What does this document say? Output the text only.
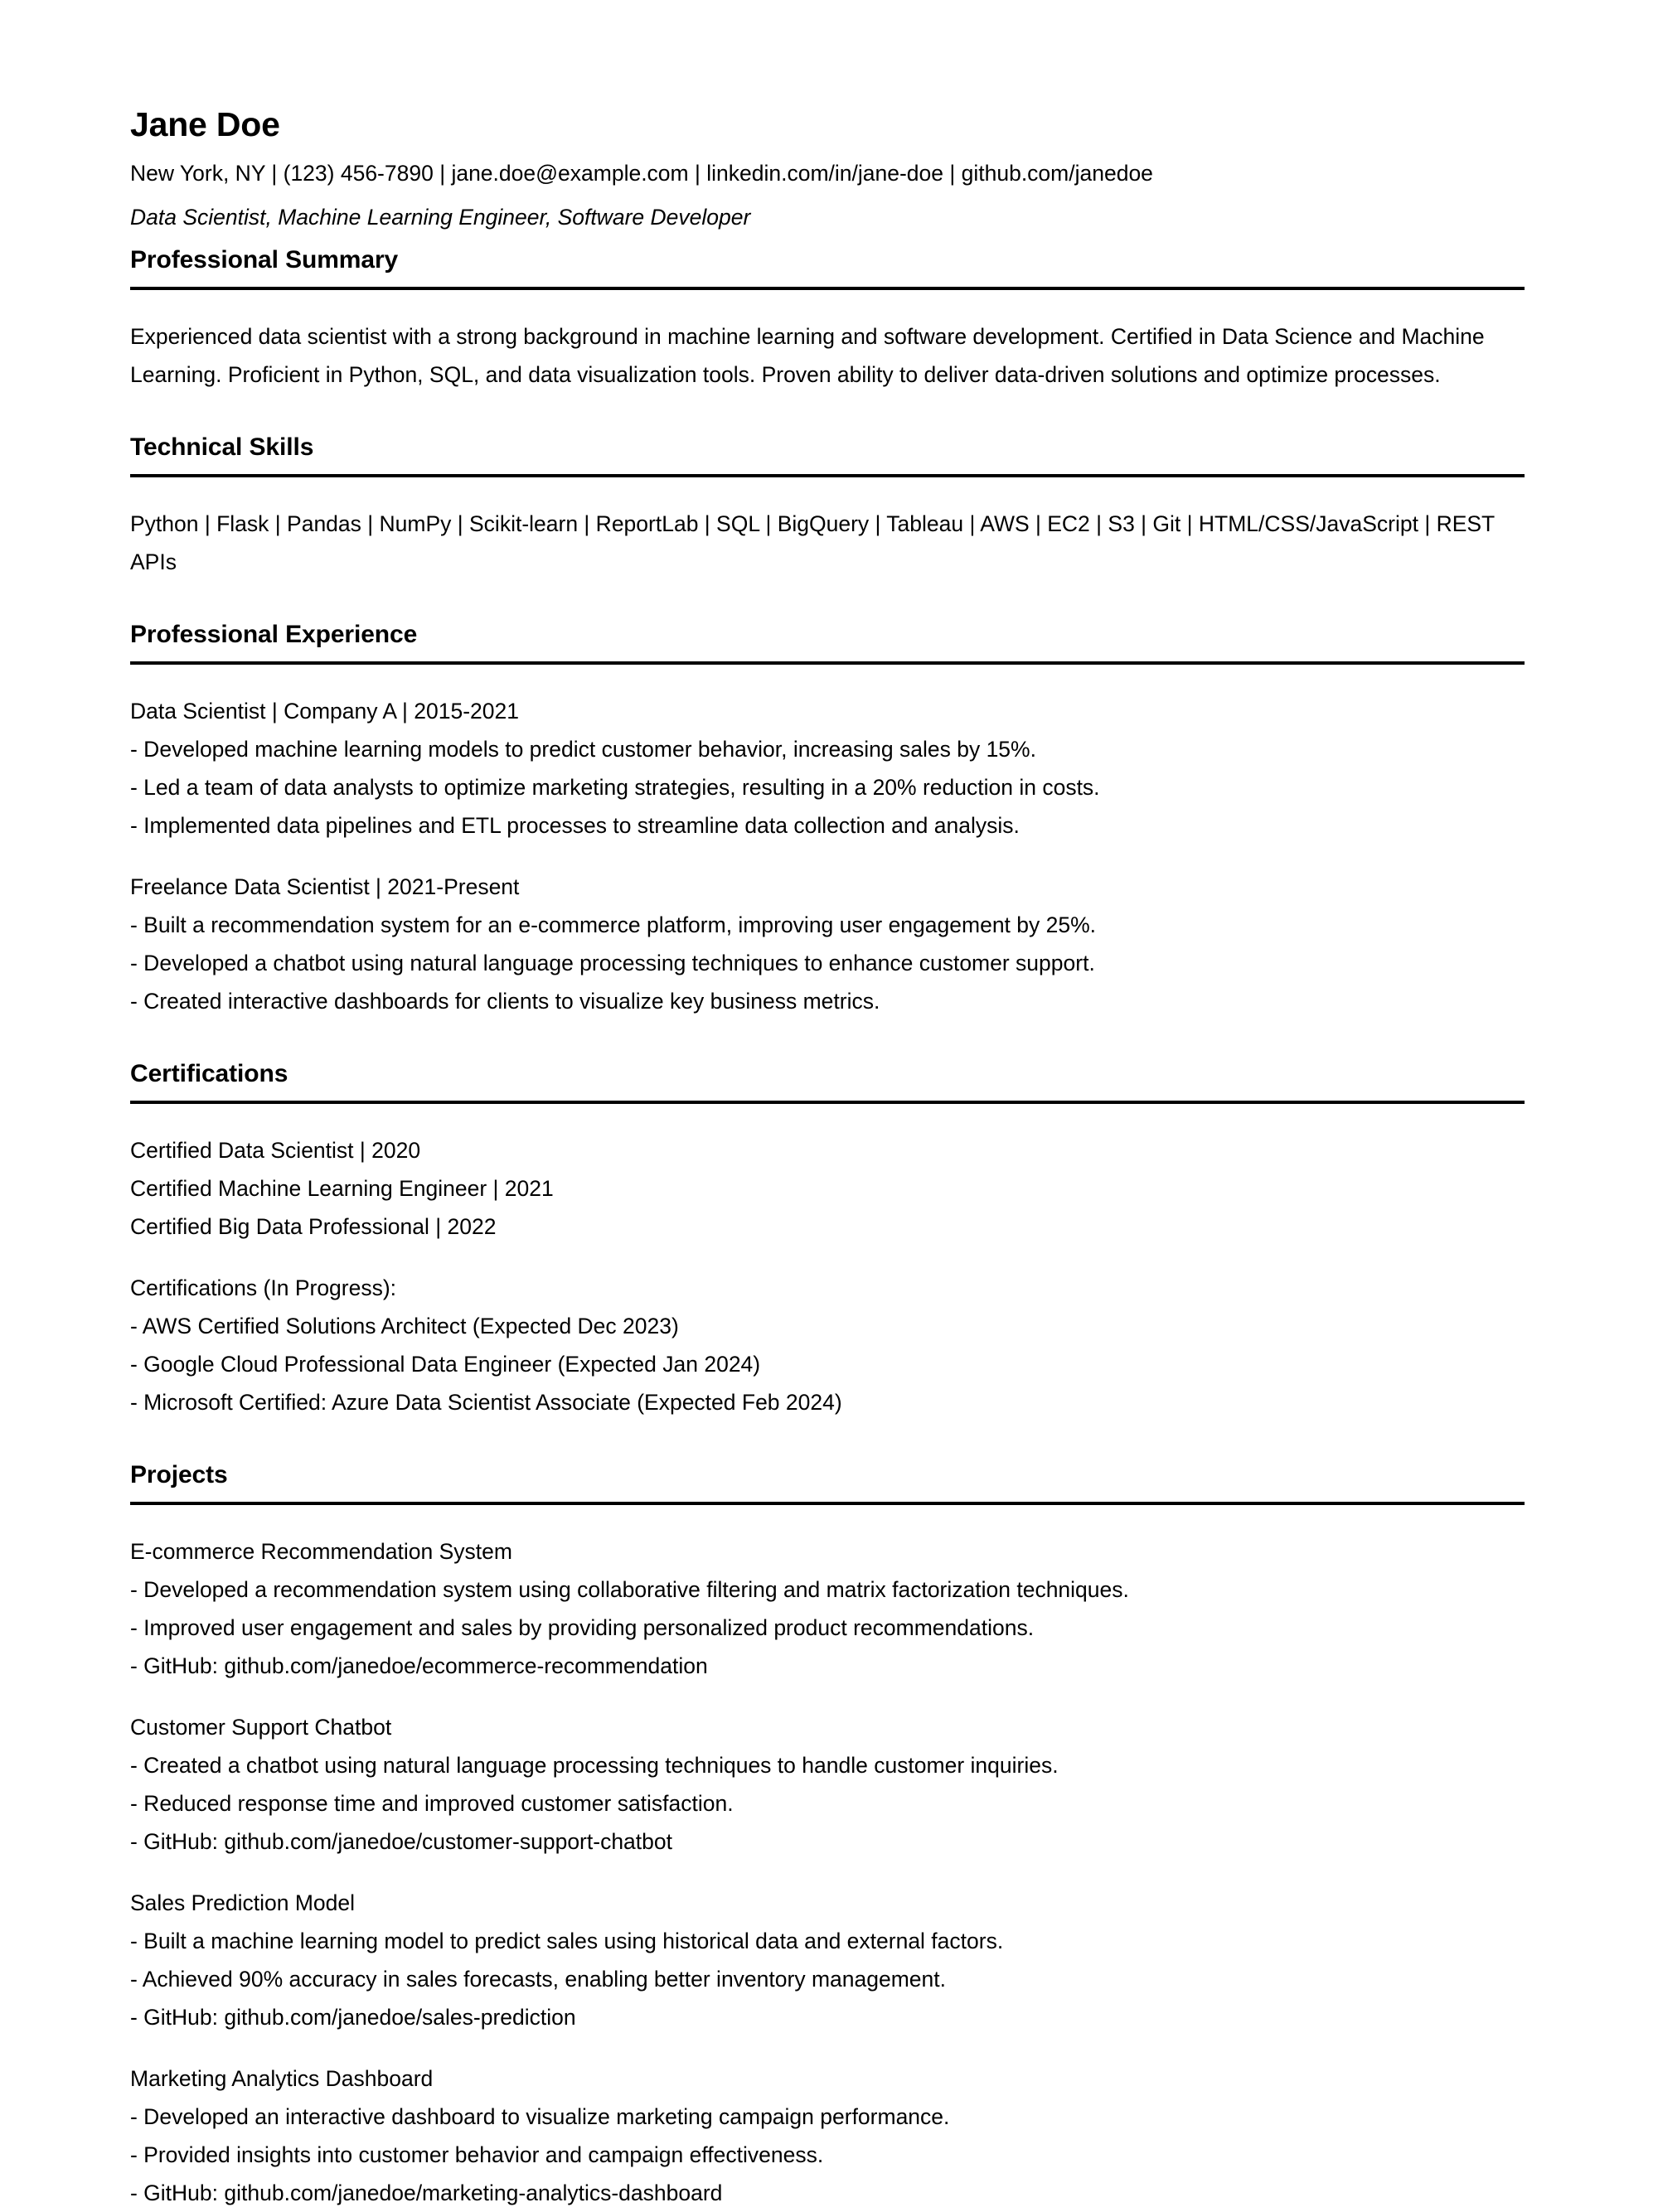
Jane Doe
New York, NY | (123) 456-7890 | jane.doe@example.com | linkedin.com/in/jane-doe | github.com/janedoe
Data Scientist, Machine Learning Engineer, Software Developer
Professional Summary

Experienced data scientist with a strong background in machine learning and software development. Certified in Data Science and Machine Learning. Proficient in Python, SQL, and data visualization tools. Proven ability to deliver data-driven solutions and optimize processes.

Technical Skills

Python | Flask | Pandas | NumPy | Scikit-learn | ReportLab | SQL | BigQuery | Tableau | AWS | EC2 | S3 | Git | HTML/CSS/JavaScript | REST APIs

Professional Experience

Data Scientist | Company A | 2015-2021

- Developed machine learning models to predict customer behavior, increasing sales by 15%.

- Led a team of data analysts to optimize marketing strategies, resulting in a 20% reduction in costs.

- Implemented data pipelines and ETL processes to streamline data collection and analysis.

Freelance Data Scientist | 2021-Present

- Built a recommendation system for an e-commerce platform, improving user engagement by 25%.

- Developed a chatbot using natural language processing techniques to enhance customer support.

- Created interactive dashboards for clients to visualize key business metrics.

Certifications

Certified Data Scientist | 2020

Certified Machine Learning Engineer | 2021

Certified Big Data Professional | 2022

Certifications (In Progress):

- AWS Certified Solutions Architect (Expected Dec 2023)

- Google Cloud Professional Data Engineer (Expected Jan 2024)

- Microsoft Certified: Azure Data Scientist Associate (Expected Feb 2024)

Projects

E-commerce Recommendation System

- Developed a recommendation system using collaborative filtering and matrix factorization techniques.

- Improved user engagement and sales by providing personalized product recommendations.

- GitHub: github.com/janedoe/ecommerce-recommendation

Customer Support Chatbot

- Created a chatbot using natural language processing techniques to handle customer inquiries.

- Reduced response time and improved customer satisfaction.

- GitHub: github.com/janedoe/customer-support-chatbot

Sales Prediction Model

- Built a machine learning model to predict sales using historical data and external factors.

- Achieved 90% accuracy in sales forecasts, enabling better inventory management.

- GitHub: github.com/janedoe/sales-prediction

Marketing Analytics Dashboard

- Developed an interactive dashboard to visualize marketing campaign performance.

- Provided insights into customer behavior and campaign effectiveness.

- GitHub: github.com/janedoe/marketing-analytics-dashboard
